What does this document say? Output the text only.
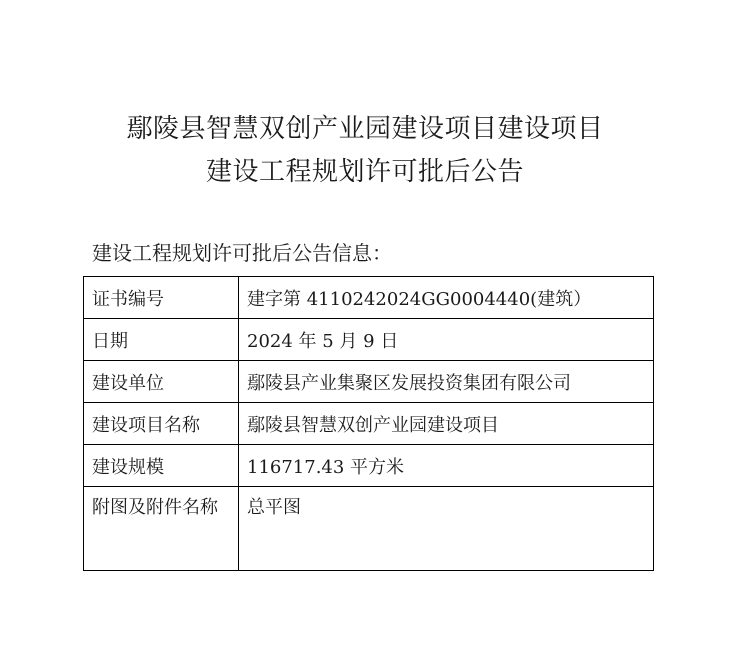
鄢陵县智慧双创产业园建设项目建设项目
建设工程规划许可批后公告
建设工程规划许可批后公告信息：
证书编号	建字第 4110242024GG0004440(建筑）
日期	2024 年 5 月 9 日
建设单位	鄢陵县产业集聚区发展投资集团有限公司
建设项目名称	鄢陵县智慧双创产业园建设项目
建设规模	116717.43 平方米
附图及附件名称	总平图
